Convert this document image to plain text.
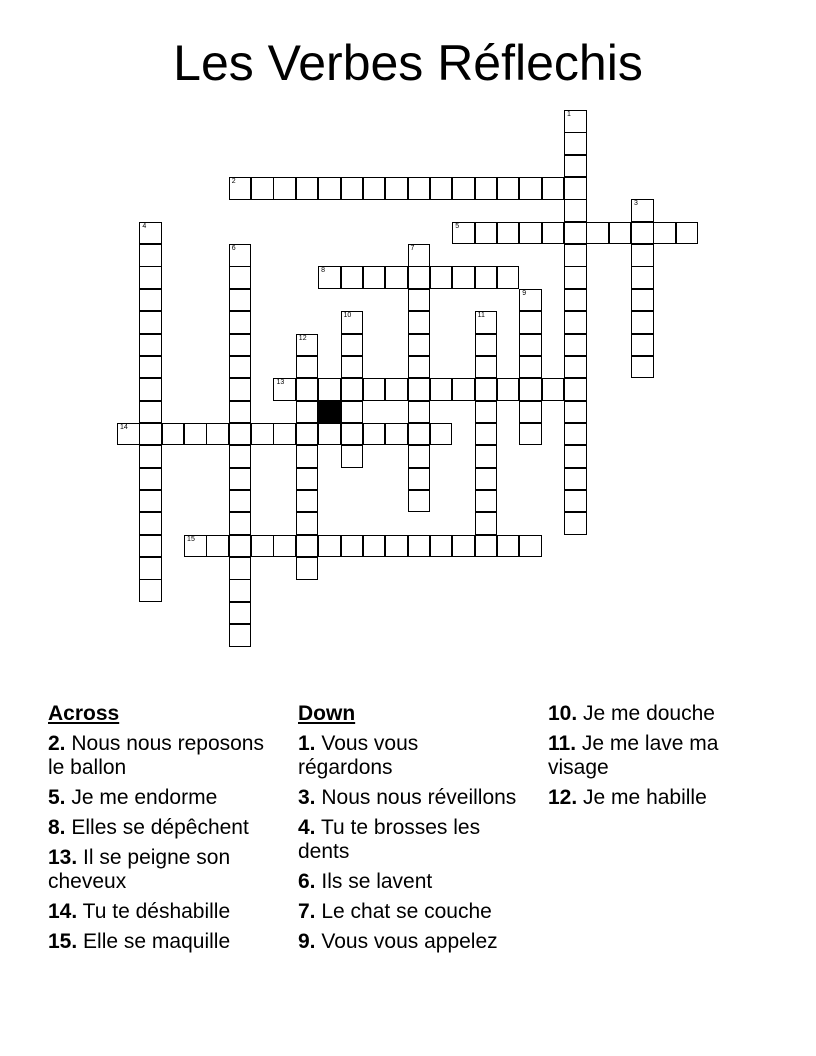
Les Verbes Réflechis
1
2
3
4	5
6	7
8
9
10	11
12
13
14
15
Across
2. Nous nous reposons le ballon
5. Je me endorme
8. Elles se dépêchent
13. Il se peigne son cheveux
14. Tu te déshabille
15. Elle se maquille
Down
1. Vous vous régardons
3. Nous nous réveillons
4. Tu te brosses les dents
6. Ils se lavent
7. Le chat se couche
9. Vous vous appelez
10. Je me douche
11. Je me lave ma visage
12. Je me habille
